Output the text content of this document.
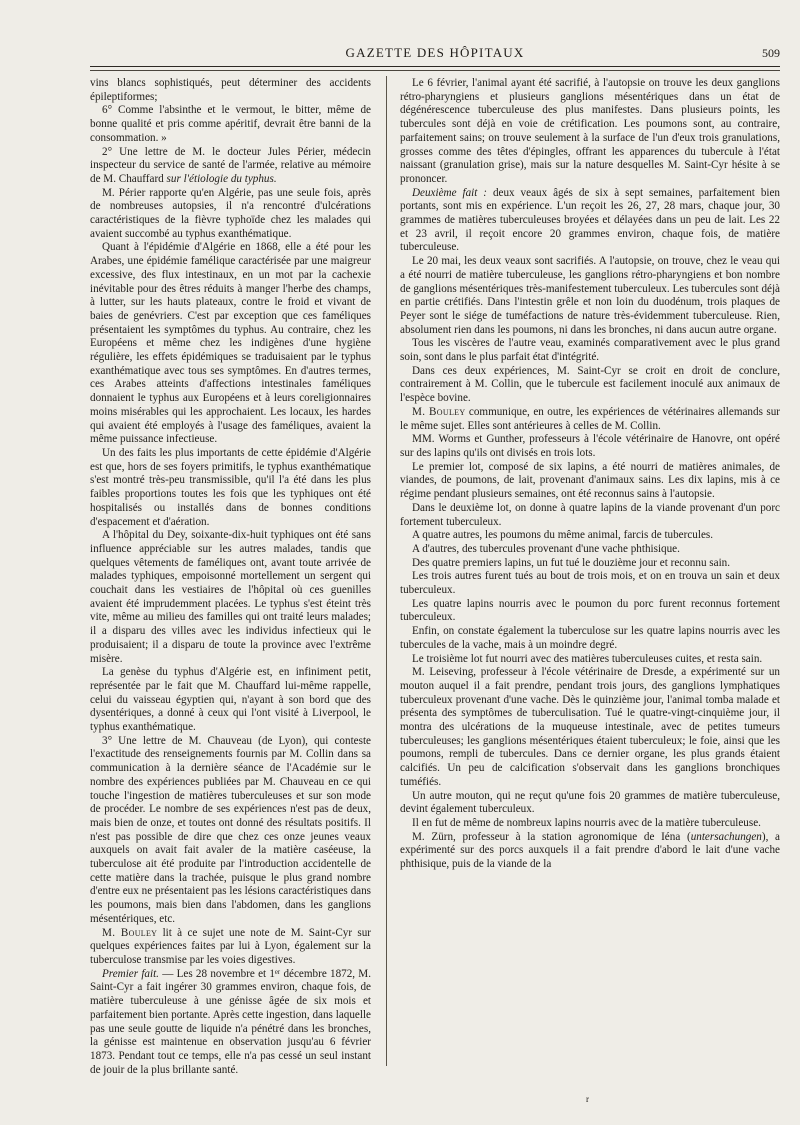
GAZETTE DES HÔPITAUX	509

vins blancs sophistiqués, peut déterminer des accidents épileptiformes;

6° Comme l'absinthe et le vermout, le bitter, même de bonne qualité et pris comme apéritif, devrait être banni de la consommation. »

2° Une lettre de M. le docteur Jules Périer, médecin inspecteur du service de santé de l'armée, relative au mémoire de M. Chauffard sur l'étiologie du typhus.

M. Périer rapporte qu'en Algérie, pas une seule fois, après de nombreuses autopsies, il n'a rencontré d'ulcérations caractéristiques de la fièvre typhoïde chez les malades qui avaient succombé au typhus exanthématique.

Quant à l'épidémie d'Algérie en 1868, elle a été pour les Arabes, une épidémie famélique caractérisée par une maigreur excessive, des flux intestinaux, en un mot par la cachexie inévitable pour des êtres réduits à manger l'herbe des champs, à lutter, sur les hauts plateaux, contre le froid et vivant de baies de genévriers. C'est par exception que ces faméliques présentaient les symptômes du typhus. Au contraire, chez les Européens et même chez les indigènes d'une hygiène régulière, les effets épidémiques se traduisaient par le typhus exanthématique avec tous ses symptômes. En d'autres termes, ces Arabes atteints d'affections intestinales faméliques donnaient le typhus aux Européens et à leurs coreligionnaires moins misérables qui les approchaient. Les locaux, les hardes qui avaient été employés à l'usage des faméliques, avaient la même puissance infectieuse.

Un des faits les plus importants de cette épidémie d'Algérie est que, hors de ses foyers primitifs, le typhus exanthématique s'est montré très-peu transmissible, qu'il l'a été dans les plus faibles proportions toutes les fois que les typhiques ont été hospitalisés ou installés dans de bonnes conditions d'espacement et d'aération.

A l'hôpital du Dey, soixante-dix-huit typhiques ont été sans influence appréciable sur les autres malades, tandis que quelques vêtements de faméliques ont, avant toute arrivée de malades typhiques, empoisonné mortellement un sergent qui couchait dans les vestiaires de l'hôpital où ces guenilles avaient été imprudemment placées. Le typhus s'est éteint très vite, même au milieu des familles qui ont traité leurs malades; il a disparu des villes avec les individus infectieux qui le produisaient; il a disparu de toute la province avec l'extrême misère.

La genèse du typhus d'Algérie est, en infiniment petit, représentée par le fait que M. Chauffard lui-même rappelle, celui du vaisseau égyptien qui, n'ayant à son bord que des dysentériques, a donné à ceux qui l'ont visité à Liverpool, le typhus exanthématique.

3° Une lettre de M. Chauveau (de Lyon), qui conteste l'exactitude des renseignements fournis par M. Collin dans sa communication à la dernière séance de l'Académie sur le nombre des expériences publiées par M. Chauveau en ce qui touche l'ingestion de matières tuberculeuses et sur son mode de procéder. Le nombre de ses expériences n'est pas de deux, mais bien de onze, et toutes ont donné des résultats positifs. Il n'est pas possible de dire que chez ces onze jeunes veaux auxquels on avait fait avaler de la matière caséeuse, la tuberculose ait été produite par l'introduction accidentelle de cette matière dans la trachée, puisque le plus grand nombre d'entre eux ne présentaient pas les lésions caractéristiques dans les poumons, mais bien dans l'abdomen, dans les ganglions mésentériques, etc.

M. Bouley lit à ce sujet une note de M. Saint-Cyr sur quelques expériences faites par lui à Lyon, également sur la tuberculose transmise par les voies digestives.

Premier fait. — Les 28 novembre et 1ᵉʳ décembre 1872, M. Saint-Cyr a fait ingérer 30 grammes environ, chaque fois, de matière tuberculeuse à une génisse âgée de six mois et parfaitement bien portante. Après cette ingestion, dans laquelle pas une seule goutte de liquide n'a pénétré dans les bronches, la génisse est maintenue en observation jusqu'au 6 février 1873. Pendant tout ce temps, elle n'a pas cessé un seul instant de jouir de la plus brillante santé.

Le 6 février, l'animal ayant été sacrifié, à l'autopsie on trouve les deux ganglions rétro-pharyngiens et plusieurs ganglions mésentériques dans un état de dégénérescence tuberculeuse des plus manifestes. Dans plusieurs points, les tubercules sont déjà en voie de crétification. Les poumons sont, au contraire, parfaitement sains; on trouve seulement à la surface de l'un d'eux trois granulations, grosses comme des têtes d'épingles, offrant les apparences du tubercule à l'état naissant (granulation grise), mais sur la nature desquelles M. Saint-Cyr hésite à se prononcer.

Deuxième fait : deux veaux âgés de six à sept semaines, parfaitement bien portants, sont mis en expérience. L'un reçoit les 26, 27, 28 mars, chaque jour, 30 grammes de matières tuberculeuses broyées et délayées dans un peu de lait. Les 22 et 23 avril, il reçoit encore 20 grammes environ, chaque fois, de matière tuberculeuse.

Le 20 mai, les deux veaux sont sacrifiés. A l'autopsie, on trouve, chez le veau qui a été nourri de matière tuberculeuse, les ganglions rétro-pharyngiens et bon nombre de ganglions mésentériques très-manifestement tuberculeux. Les tubercules sont déjà en partie crétifiés. Dans l'intestin grêle et non loin du duodénum, trois plaques de Peyer sont le siége de tuméfactions de nature très-évidemment tuberculeuse. Rien, absolument rien dans les poumons, ni dans les bronches, ni dans aucun autre organe.

Tous les viscères de l'autre veau, examinés comparativement avec le plus grand soin, sont dans le plus parfait état d'intégrité.

Dans ces deux expériences, M. Saint-Cyr se croit en droit de conclure, contrairement à M. Collin, que le tubercule est facilement inoculé aux animaux de l'espèce bovine.

M. Bouley communique, en outre, les expériences de vétérinaires allemands sur le même sujet. Elles sont antérieures à celles de M. Collin.

MM. Worms et Gunther, professeurs à l'école vétérinaire de Hanovre, ont opéré sur des lapins qu'ils ont divisés en trois lots.

Le premier lot, composé de six lapins, a été nourri de matières animales, de viandes, de poumons, de lait, provenant d'animaux sains. Les dix lapins, mis à ce régime pendant plusieurs semaines, ont été reconnus sains à l'autopsie.

Dans le deuxième lot, on donne à quatre lapins de la viande provenant d'un porc fortement tuberculeux.

A quatre autres, les poumons du même animal, farcis de tubercules.

A d'autres, des tubercules provenant d'une vache phthisique.

Des quatre premiers lapins, un fut tué le douzième jour et reconnu sain.

Les trois autres furent tués au bout de trois mois, et on en trouva un sain et deux tuberculeux.

Les quatre lapins nourris avec le poumon du porc furent reconnus fortement tuberculeux.

Enfin, on constate également la tuberculose sur les quatre lapins nourris avec les tubercules de la vache, mais à un moindre degré.

Le troisième lot fut nourri avec des matières tuberculeuses cuites, et resta sain.

M. Leiseving, professeur à l'école vétérinaire de Dresde, a expérimenté sur un mouton auquel il a fait prendre, pendant trois jours, des ganglions lymphatiques tuberculeux provenant d'une vache. Dès le quinzième jour, l'animal tomba malade et présenta des symptômes de tuberculisation. Tué le quatre-vingt-cinquième jour, il montra des ulcérations de la muqueuse intestinale, avec de petites tumeurs tuberculeuses; les ganglions mésentériques étaient tuberculeux; le foie, ainsi que les poumons, rempli de tubercules. Dans ce dernier organe, les plus grands étaient calcifiés. Un peu de calcification s'observait dans les ganglions bronchiques tuméfiés.

Un autre mouton, qui ne reçut qu'une fois 20 grammes de matière tuberculeuse, devint également tuberculeux.

Il en fut de même de nombreux lapins nourris avec de la matière tuberculeuse.

M. Zürn, professeur à la station agronomique de Iéna (untersachungen), a expérimenté sur des porcs auxquels il a fait prendre d'abord le lait d'une vache phthisique, puis de la viande de la

r
